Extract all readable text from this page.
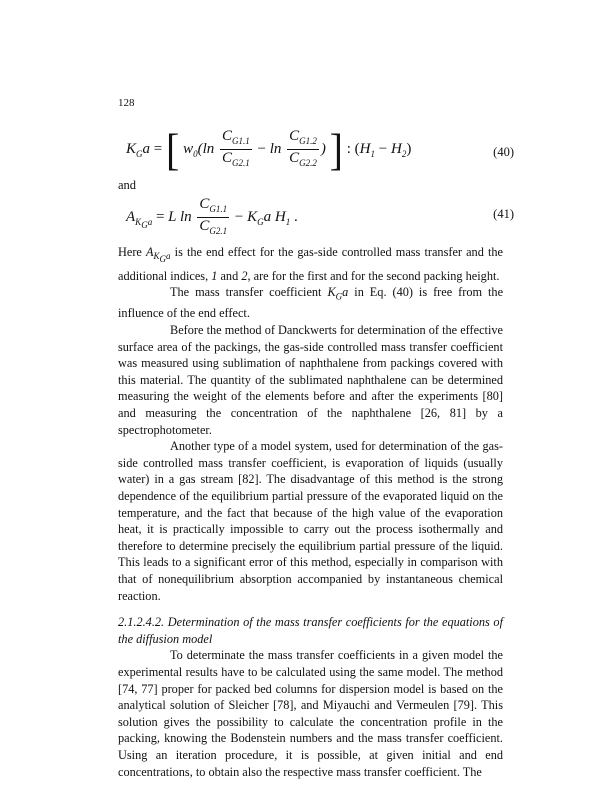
128
$K_Ga$ = [ $w_0(\ln \frac{C_{G1.1}}{C_{G2.1}} - \ln \frac{C_{G1.2}}{C_{G2.2}}$ ) ] : $(H_1 - H_2)$	(40)
and
$A_{K_Ga} = L$ $\ln \frac{C_{G1.1}}{C_{G2.1}} - K_Ga$ $H_1$ .	(41)

Here $A_{K_Ga}$ is the end effect for the gas-side controlled mass transfer and the additional indices, 1 and 2, are for the first and for the second packing height.

The mass transfer coefficient $K_Ga$ in Eq. (40) is free from the influence of the end effect.

Before the method of Danckwerts for determination of the effective surface area of the packings, the gas-side controlled mass transfer coefficient was measured using sublimation of naphthalene from packings covered with this material. The quantity of the sublimated naphthalene can be determined measuring the weight of the elements before and after the experiments [80] and measuring the concentration of the naphthalene [26, 81] by a spectrophotometer.

Another type of a model system, used for determination of the gas-side controlled mass transfer coefficient, is evaporation of liquids (usually water) in a gas stream [82]. The disadvantage of this method is the strong dependence of the equilibrium partial pressure of the evaporated liquid on the temperature, and the fact that because of the high value of the evaporation heat, it is practically impossible to carry out the process isothermally and therefore to determine precisely the equilibrium partial pressure of the liquid. This leads to a significant error of this method, especially in comparison with that of nonequilibrium absorption accompanied by instantaneous chemical reaction.

2.1.2.4.2. Determination of the mass transfer coefficients for the equations of the diffusion model

To determinate the mass transfer coefficients in a given model the experimental results have to be calculated using the same model. The method [74, 77] proper for packed bed columns for dispersion model is based on the analytical solution of Sleicher [78], and Miyauchi and Vermeulen [79]. This solution gives the possibility to calculate the concentration profile in the packing, knowing the Bodenstein numbers and the mass transfer coefficient. Using an iteration procedure, it is possible, at given initial and end concentrations, to obtain also the respective mass transfer coefficient. The
